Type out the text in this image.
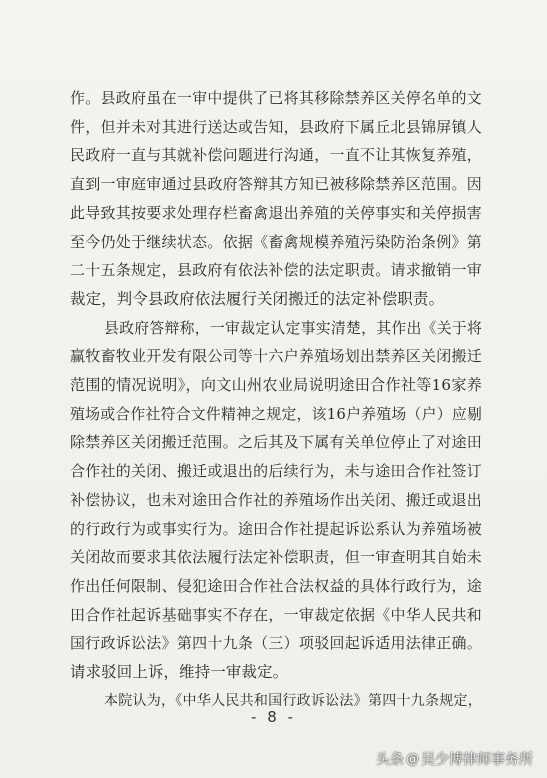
作。县政府虽在一审中提供了已将其移除禁养区关停名单的文
件，但并未对其进行送达或告知，县政府下属丘北县锦屏镇人
民政府一直与其就补偿问题进行沟通，一直不让其恢复养殖，
直到一审庭审通过县政府答辩其方知已被移除禁养区范围。因
此导致其按要求处理存栏畜禽退出养殖的关停事实和关停损害
至今仍处于继续状态。依据《畜禽规模养殖污染防治条例》第
二十五条规定，县政府有依法补偿的法定职责。请求撤销一审
裁定，判令县政府依法履行关闭搬迁的法定补偿职责。
县政府答辩称，一审裁定认定事实清楚，其作出《关于将
赢牧畜牧业开发有限公司等十六户养殖场划出禁养区关闭搬迁
范围的情况说明》，向文山州农业局说明途田合作社等16家养
殖场或合作社符合文件精神之规定，该16户养殖场（户）应剔
除禁养区关闭搬迁范围。之后其及下属有关单位停止了对途田
合作社的关闭、搬迁或退出的后续行为，未与途田合作社签订
补偿协议，也未对途田合作社的养殖场作出关闭、搬迁或退出
的行政行为或事实行为。途田合作社提起诉讼系认为养殖场被
关闭故而要求其依法履行法定补偿职责，但一审查明其自始未
作出任何限制、侵犯途田合作社合法权益的具体行政行为，途
田合作社起诉基础事实不存在，一审裁定依据《中华人民共和
国行政诉讼法》第四十九条（三）项驳回起诉适用法律正确。
请求驳回上诉，维持一审裁定。
本院认为，《中华人民共和国行政诉讼法》第四十九条规定，
- 8 -
头条 @ 吴少博律师事务所
